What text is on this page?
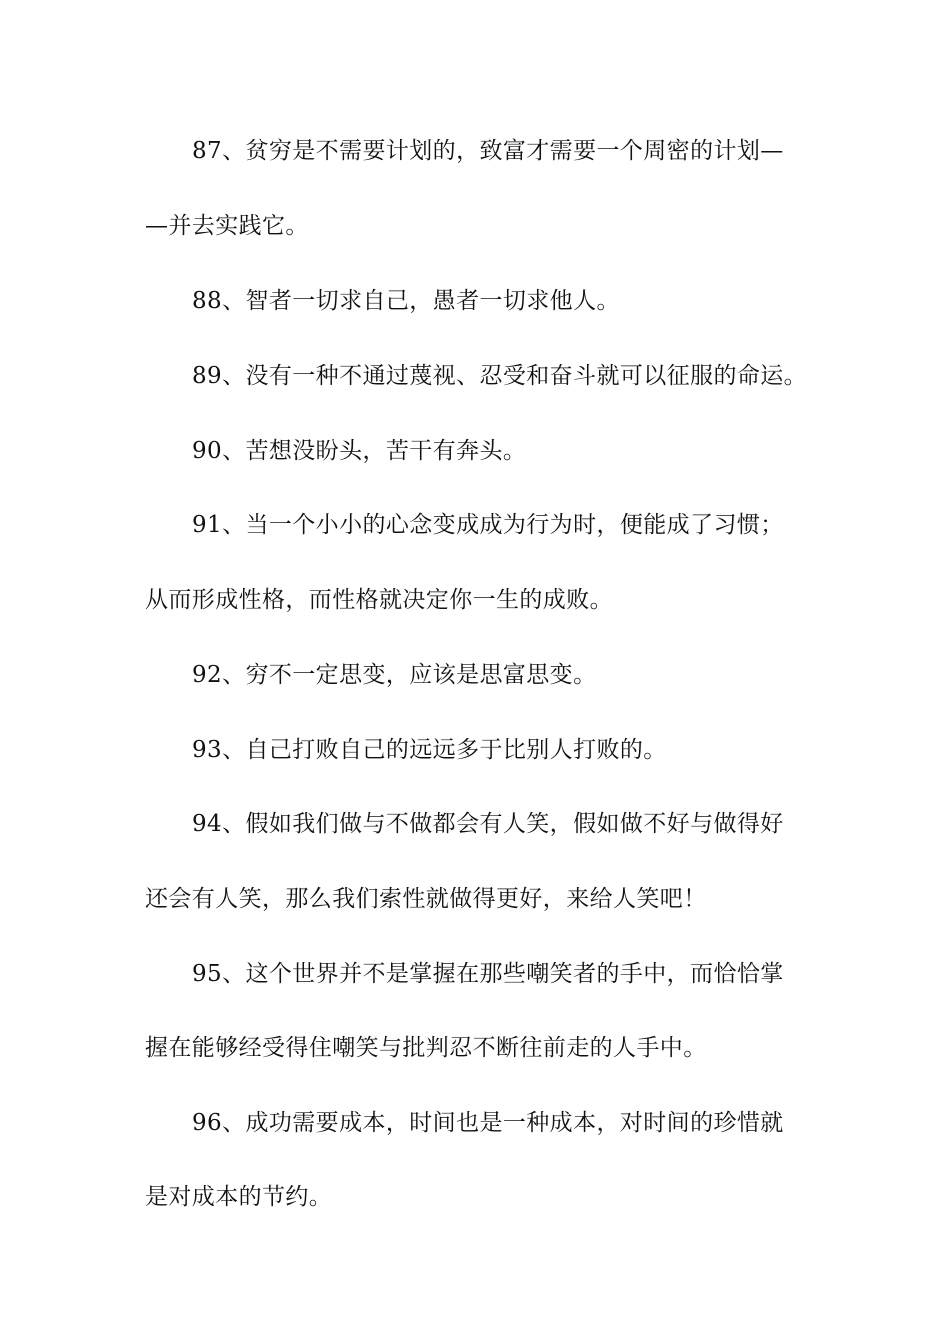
87、贫穷是不需要计划的，致富才需要一个周密的计划—
—并去实践它。
88、智者一切求自己，愚者一切求他人。
89、没有一种不通过蔑视、忍受和奋斗就可以征服的命运。
90、苦想没盼头，苦干有奔头。
91、当一个小小的心念变成成为行为时，便能成了习惯；
从而形成性格，而性格就决定你一生的成败。
92、穷不一定思变，应该是思富思变。
93、自己打败自己的远远多于比别人打败的。
94、假如我们做与不做都会有人笑，假如做不好与做得好
还会有人笑，那么我们索性就做得更好，来给人笑吧！
95、这个世界并不是掌握在那些嘲笑者的手中，而恰恰掌
握在能够经受得住嘲笑与批判忍不断往前走的人手中。
96、成功需要成本，时间也是一种成本，对时间的珍惜就
是对成本的节约。
